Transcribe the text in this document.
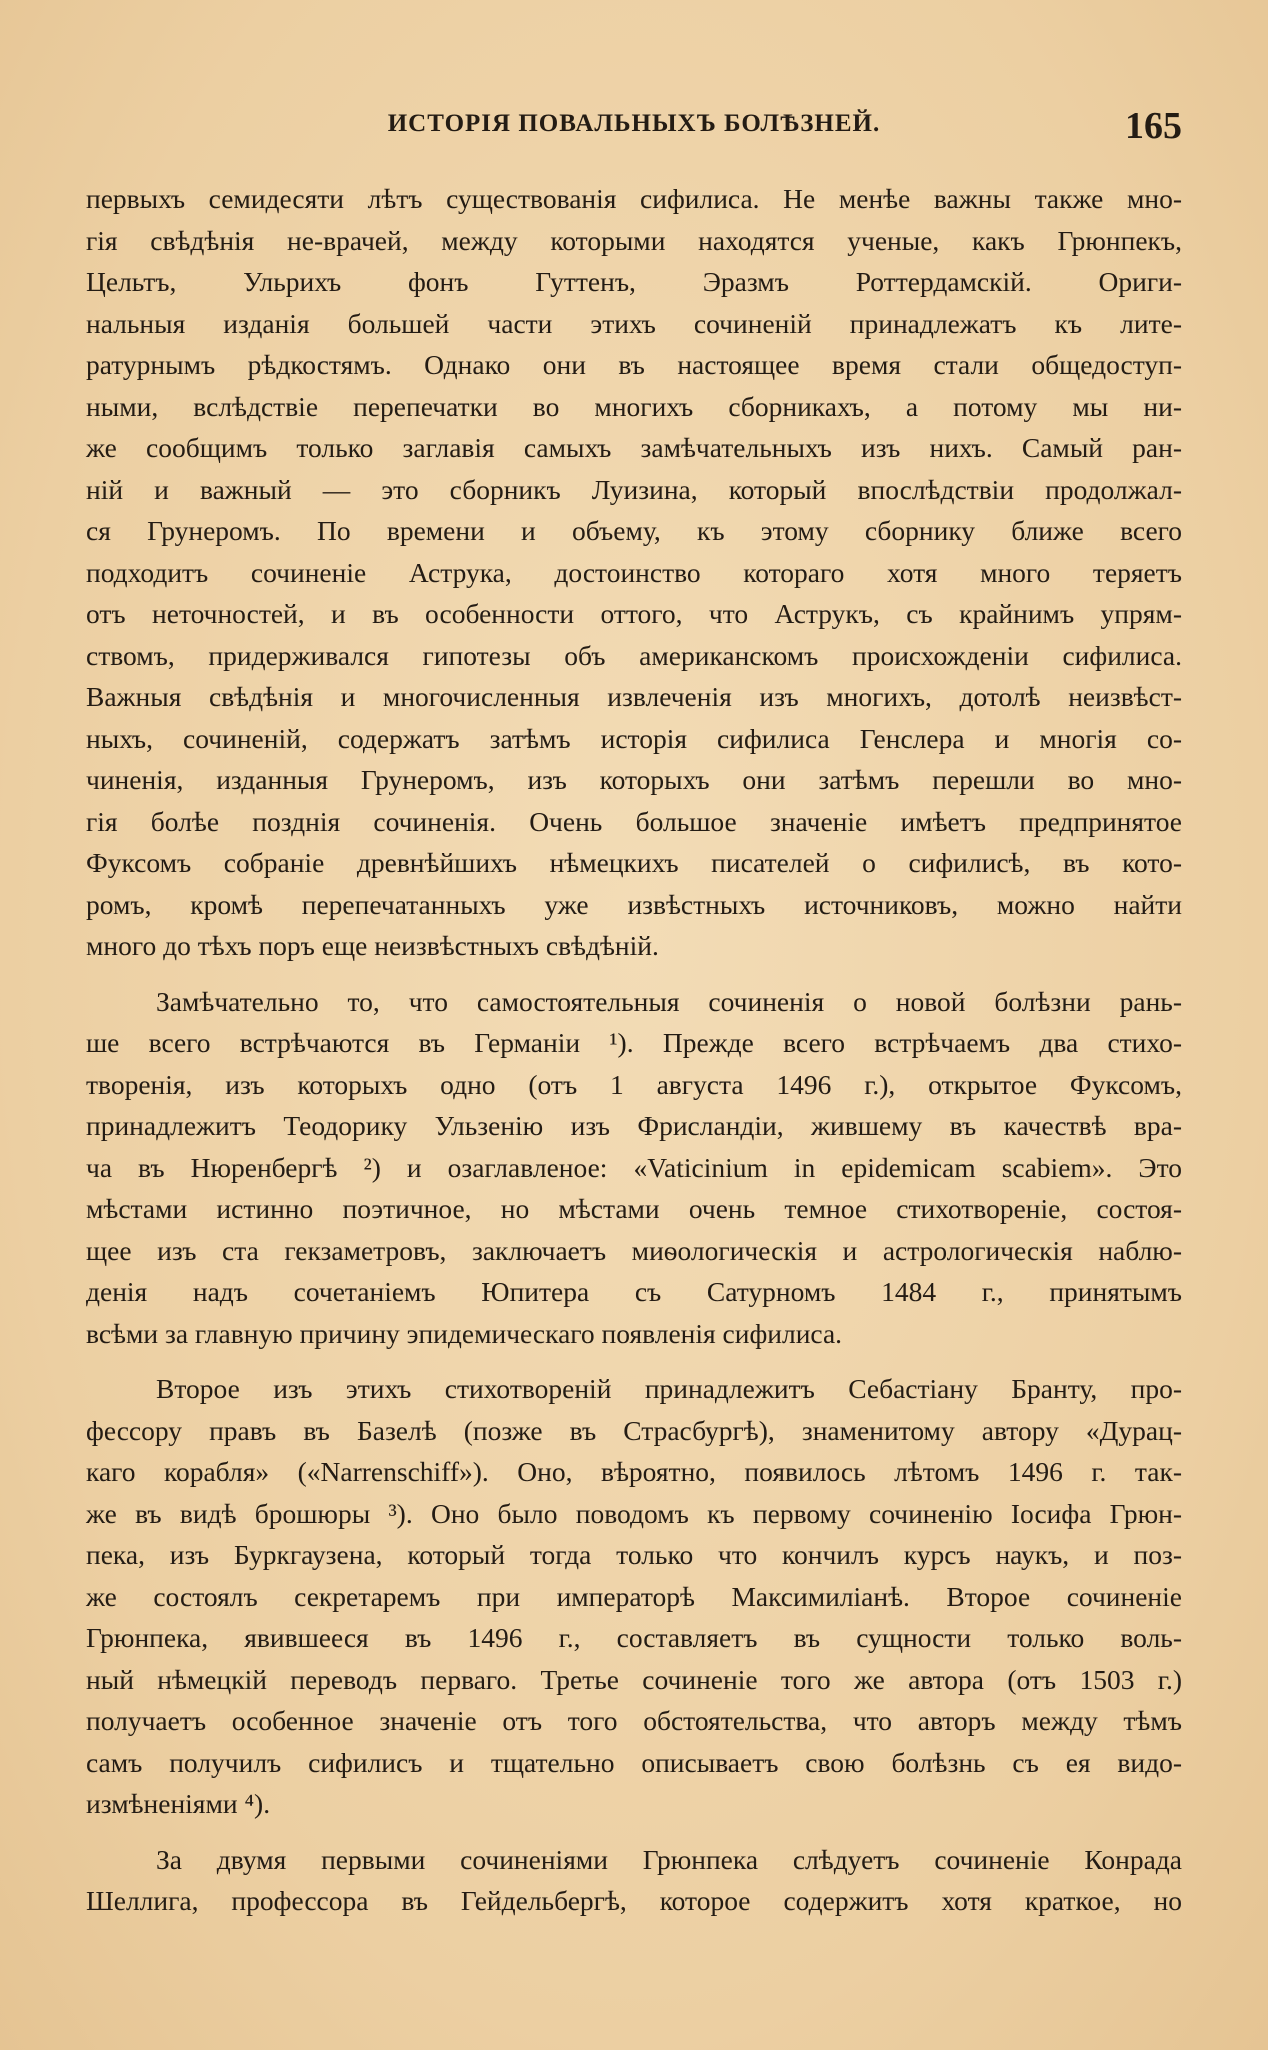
ИСТОРІЯ ПОВАЛЬНЫХЪ БОЛѢЗНЕЙ.	165
первыхъ семидесяти лѣтъ существованія сифилиса. Не менѣе важны также мно-
гія свѣдѣнія не-врачей, между которыми находятся ученые, какъ Грюнпекъ,
Цельтъ, Ульрихъ фонъ Гуттенъ, Эразмъ Роттердамскій. Ориги-
нальныя изданія большей части этихъ сочиненій принадлежатъ къ лите-
ратурнымъ рѣдкостямъ. Однако они въ настоящее время стали общедоступ-
ными, вслѣдствіе перепечатки во многихъ сборникахъ, а потому мы ни-
же сообщимъ только заглавія самыхъ замѣчательныхъ изъ нихъ. Самый ран-
ній и важный — это сборникъ Луизина, который впослѣдствіи продолжал-
ся Грунеромъ. По времени и объему, къ этому сборнику ближе всего
подходитъ сочиненіе Аструка, достоинство котораго хотя много теряетъ
отъ неточностей, и въ особенности оттого, что Аструкъ, съ крайнимъ упрям-
ствомъ, придерживался гипотезы объ американскомъ происхожденіи сифилиса.
Важныя свѣдѣнія и многочисленныя извлеченія изъ многихъ, дотолѣ неизвѣст-
ныхъ, сочиненій, содержатъ затѣмъ исторія сифилиса Генслера и многія со-
чиненія, изданныя Грунеромъ, изъ которыхъ они затѣмъ перешли во мно-
гія болѣе позднія сочиненія. Очень большое значеніе имѣетъ предпринятое
Фуксомъ собраніе древнѣйшихъ нѣмецкихъ писателей о сифилисѣ, въ кото-
ромъ, кромѣ перепечатанныхъ уже извѣстныхъ источниковъ, можно найти
много до тѣхъ поръ еще неизвѣстныхъ свѣдѣній.
Замѣчательно то, что самостоятельныя сочиненія о новой болѣзни рань-
ше всего встрѣчаются въ Германіи ¹). Прежде всего встрѣчаемъ два стихо-
творенія, изъ которыхъ одно (отъ 1 августа 1496 г.), открытое Фуксомъ,
принадлежитъ Теодорику Ульзенію изъ Фрисландіи, жившему въ качествѣ вра-
ча въ Нюренбергѣ ²) и озаглавленое: «Vaticinium in epidemicam scabiem». Это
мѣстами истинно поэтичное, но мѣстами очень темное стихотвореніе, состоя-
щее изъ ста гекзаметровъ, заключаетъ миѳологическія и астрологическія наблю-
денія надъ сочетаніемъ Юпитера съ Сатурномъ 1484 г., принятымъ
всѣми за главную причину эпидемическаго появленія сифилиса.
Второе изъ этихъ стихотвореній принадлежитъ Себастіану Бранту, про-
фессору правъ въ Базелѣ (позже въ Страсбургѣ), знаменитому автору «Дурац-
каго корабля» («Narrenschiff»). Оно, вѣроятно, появилось лѣтомъ 1496 г. так-
же въ видѣ брошюры ³). Оно было поводомъ къ первому сочиненію Іосифа Грюн-
пека, изъ Буркгаузена, который тогда только что кончилъ курсъ наукъ, и поз-
же состоялъ секретаремъ при императорѣ Максимиліанѣ. Второе сочиненіе
Грюнпека, явившееся въ 1496 г., составляетъ въ сущности только воль-
ный нѣмецкій переводъ перваго. Третье сочиненіе того же автора (отъ 1503 г.)
получаетъ особенное значеніе отъ того обстоятельства, что авторъ между тѣмъ
самъ получилъ сифилисъ и тщательно описываетъ свою болѣзнь съ ея видо-
измѣненіями ⁴).
За двумя первыми сочиненіями Грюнпека слѣдуетъ сочиненіе Конрада
Шеллига, профессора въ Гейдельбергѣ, которое содержитъ хотя краткое, но
